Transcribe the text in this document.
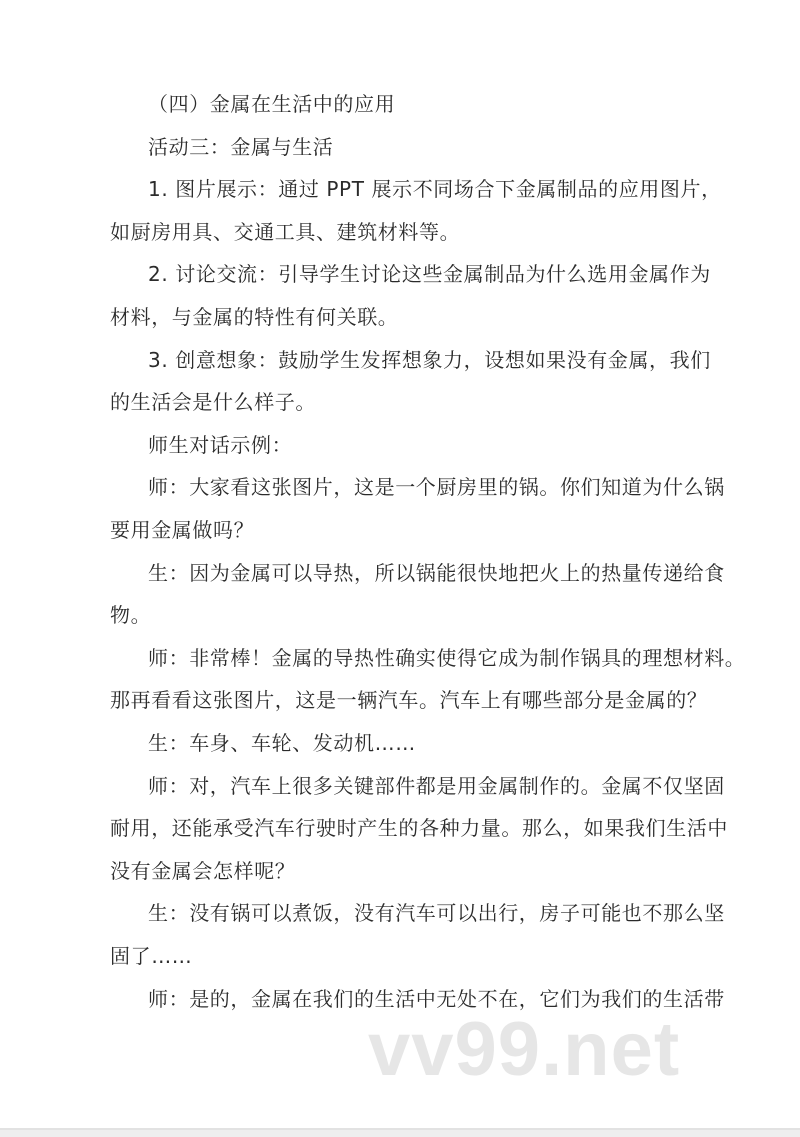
（四）金属在生活中的应用
活动三：金属与生活
1. 图片展示：通过 PPT 展示不同场合下金属制品的应用图片，
如厨房用具、交通工具、建筑材料等。
2. 讨论交流：引导学生讨论这些金属制品为什么选用金属作为
材料，与金属的特性有何关联。
3. 创意想象：鼓励学生发挥想象力，设想如果没有金属，我们
的生活会是什么样子。
师生对话示例：
师：大家看这张图片，这是一个厨房里的锅。你们知道为什么锅
要用金属做吗？
生：因为金属可以导热，所以锅能很快地把火上的热量传递给食
物。
师：非常棒！金属的导热性确实使得它成为制作锅具的理想材料。
那再看看这张图片，这是一辆汽车。汽车上有哪些部分是金属的？
生：车身、车轮、发动机……
师：对，汽车上很多关键部件都是用金属制作的。金属不仅坚固
耐用，还能承受汽车行驶时产生的各种力量。那么，如果我们生活中
没有金属会怎样呢？
生：没有锅可以煮饭，没有汽车可以出行，房子可能也不那么坚
固了……
师：是的，金属在我们的生活中无处不在，它们为我们的生活带
vv99.net
